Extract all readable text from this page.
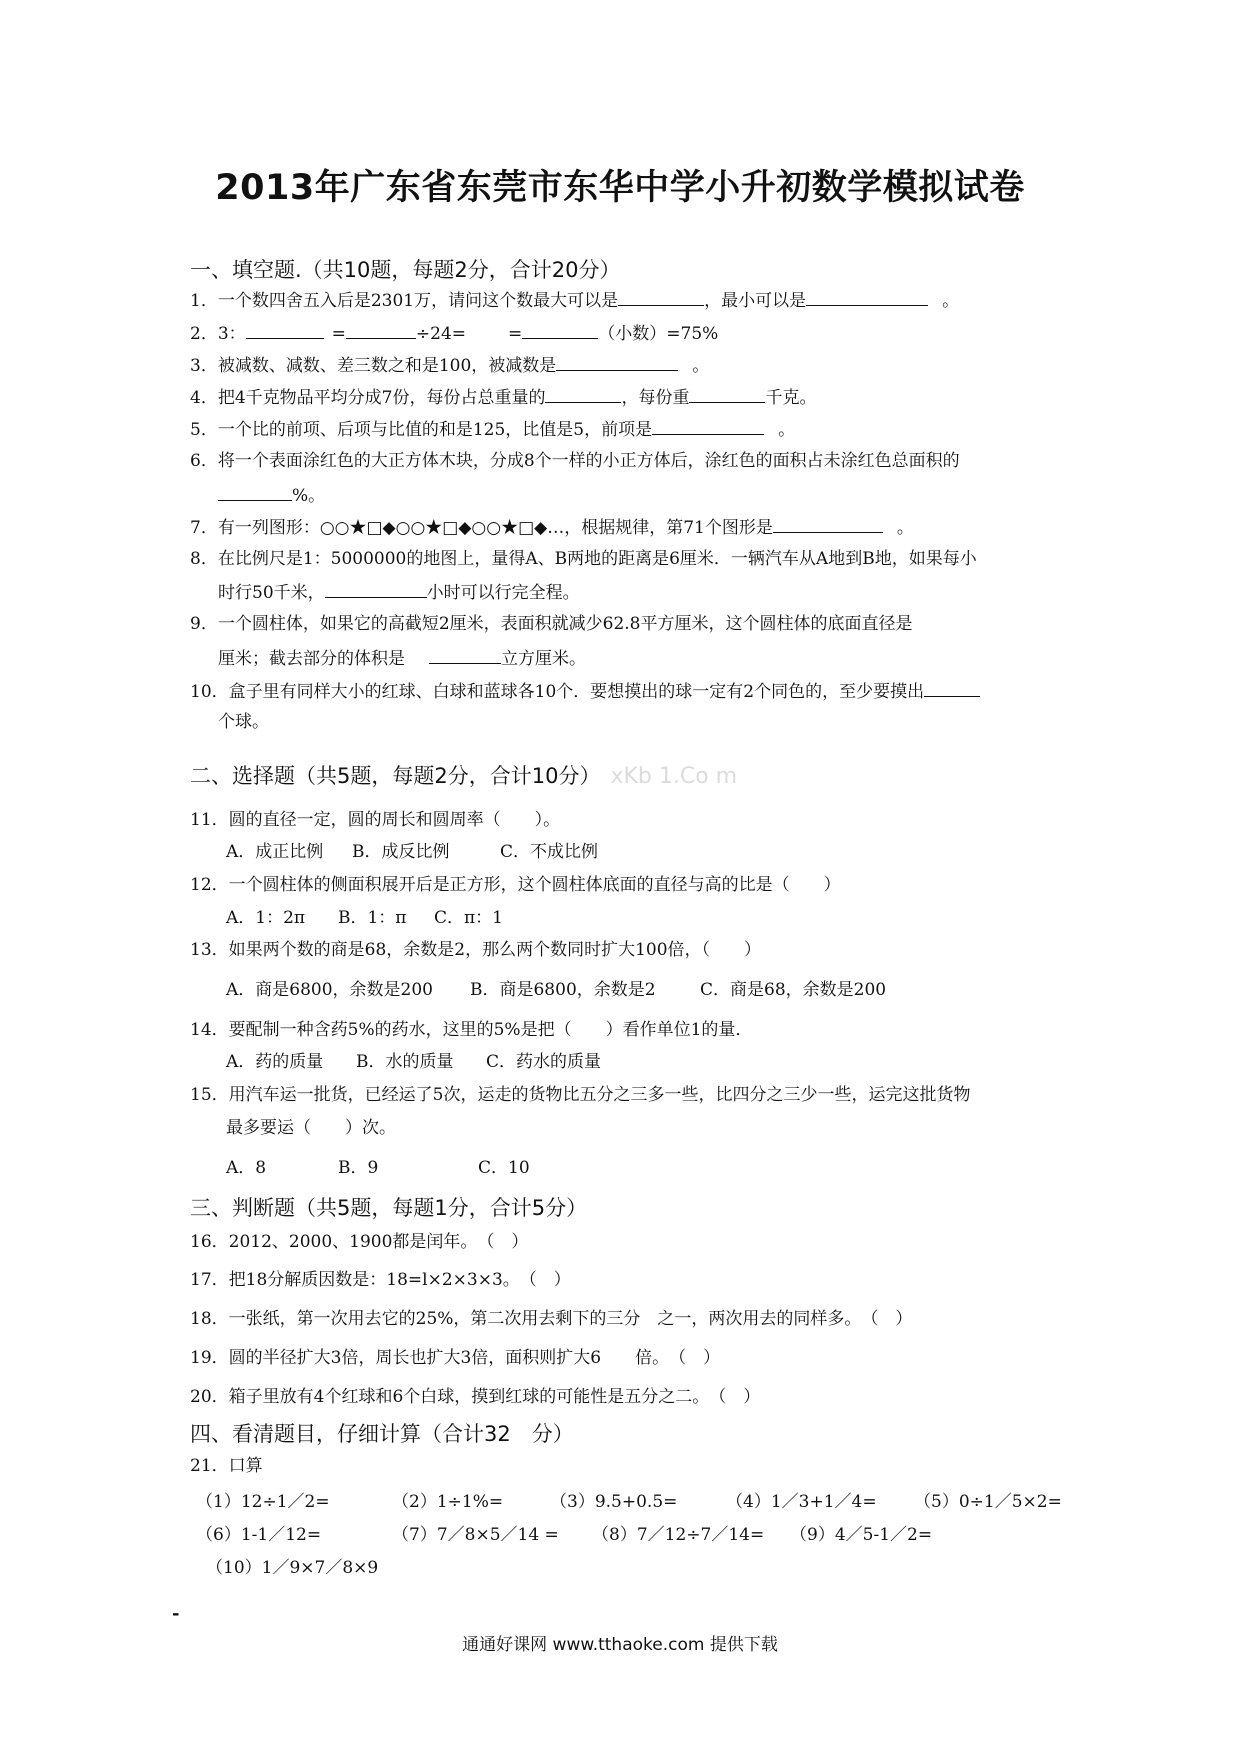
2013年广东省东莞市东华中学小升初数学模拟试卷
一、填空题.（共10题，每题2分，合计20分）
1．一个数四舍五入后是2301万，请问这个数最大可以是	，最小可以是	。
2．3：	=	÷24= =	（小数）=75%
3．被减数、减数、差三数之和是100，被减数是	。
4．把4千克物品平均分成7份，每份占总重量的	，每份重	千克。
5．一个比的前项、后项与比值的和是125，比值是5，前项是	。
6．将一个表面涂红色的大正方体木块，分成8个一样的小正方体后，涂红色的面积占未涂红色总面积的
%。
7．有一列图形：○○★□◆○○★□◆○○★□◆…，根据规律，第71个图形是	。
8．在比例尺是1：5000000的地图上，量得A、B两地的距离是6厘米．一辆汽车从A地到B地，如果每小
时行50千米，	小时可以行完全程。
9．一个圆柱体，如果它的高截短2厘米，表面积就减少62.8平方厘米，这个圆柱体的底面直径是
厘米；截去部分的体积是	立方厘米。
10．盒子里有同样大小的红球、白球和蓝球各10个．要想摸出的球一定有2个同色的，至少要摸出
个球。
二、选择题（共5题，每题2分，合计10分） xKb 1.Co m
11．圆的直径一定，圆的周长和圆周率（　　）。
A．成正比例	B．成反比例	C．不成比例
12．一个圆柱体的侧面积展开后是正方形，这个圆柱体底面的直径与高的比是（　　）
A．1：2π	B．1：π	C．π：1
13．如果两个数的商是68，余数是2，那么两个数同时扩大100倍，（　　）
A．商是6800，余数是200	B．商是6800，余数是2	C．商是68，余数是200
14．要配制一种含药5%的药水，这里的5%是把（　　）看作单位1的量．
A．药的质量	B．水的质量	C．药水的质量
15．用汽车运一批货，已经运了5次，运走的货物比五分之三多一些，比四分之三少一些，运完这批货物
最多要运（　　）次。
A．8	B．9	C．10
三、判断题（共5题，每题1分，合计5分）
16．2012、2000、1900都是闰年。　（　）
17．把18分解质因数是：18=l×2×3×3。　（　）
18．一张纸，第一次用去它的25%，第二次用去剩下的三分　之一，两次用去的同样多。　（　）
19．圆的半径扩大3倍，周长也扩大3倍，面积则扩大6　　倍。　（　）
20．箱子里放有4个红球和6个白球，摸到红球的可能性是五分之二。　（　）
四、看清题目，仔细计算（合计32　分）
21．口算
（1）12÷1／2=	（2）1÷1%=	（3）9.5+0.5=	（4）1／3+1／4= （5）0÷1／5×2=
（6）1-1／12=	（7）7／8×5／14 = （8）7／12÷7／14= （9）4／5-1／2=
（10）1／9×7／8×9
-
通通好课网 www.tthaoke.com 提供下载
